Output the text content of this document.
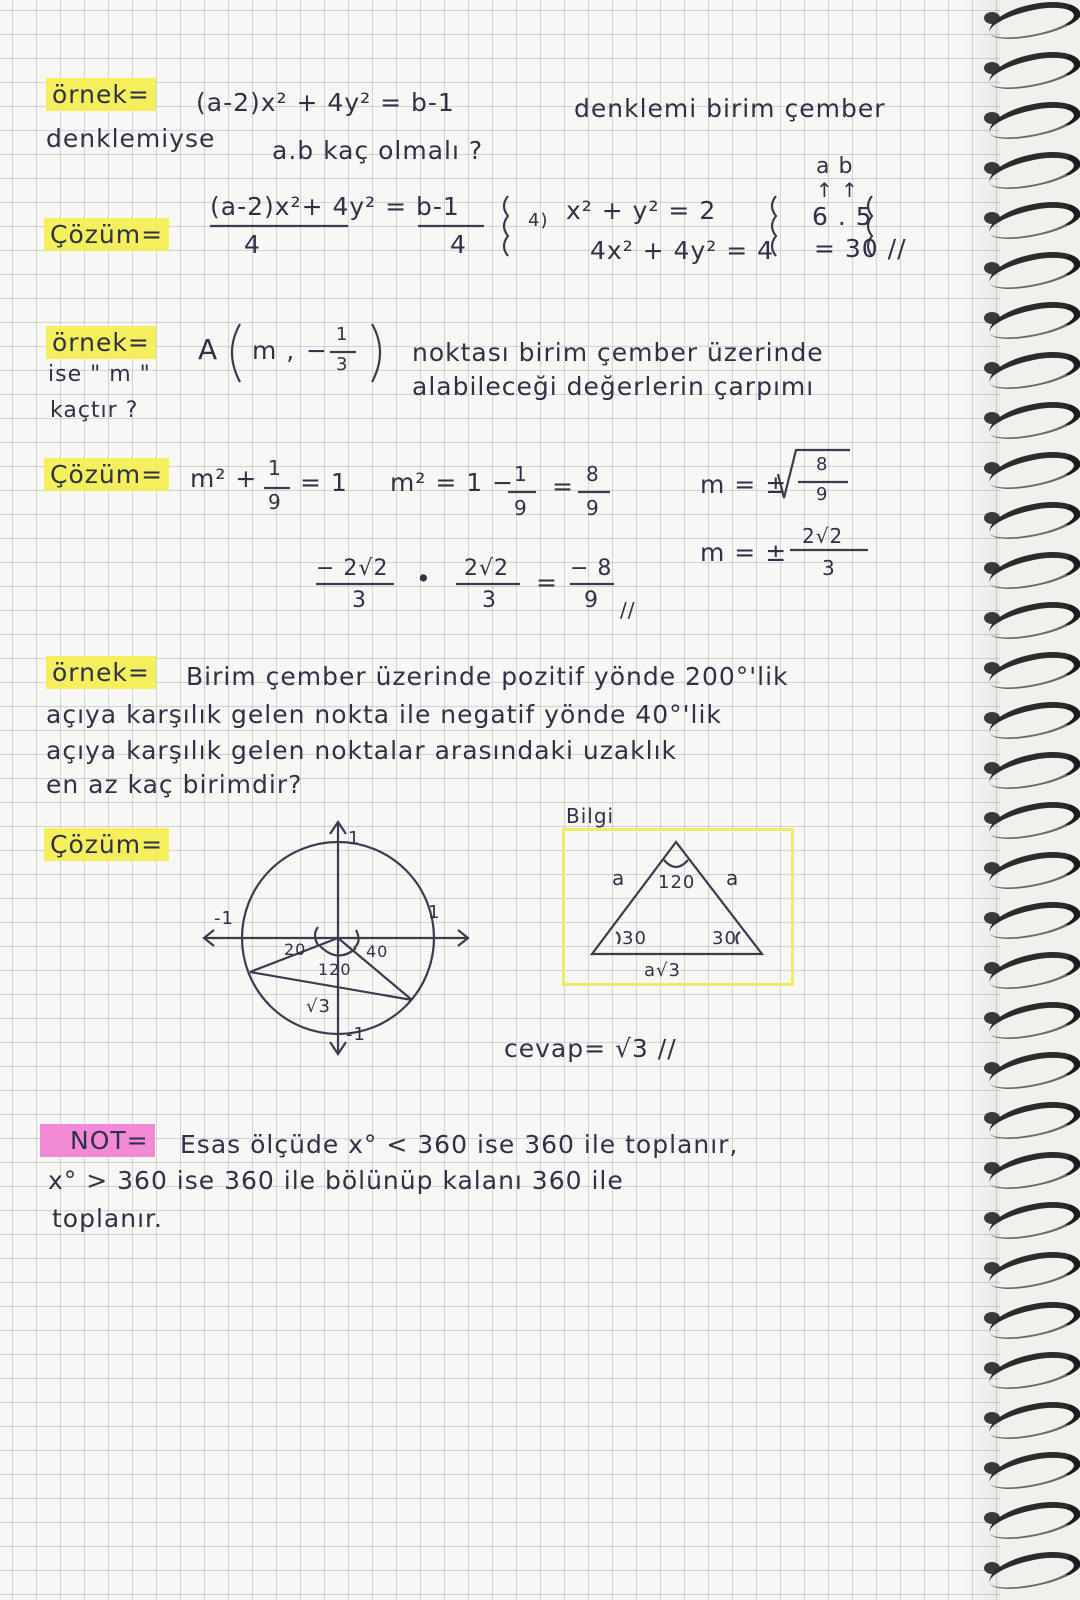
örnek= (a-2)x² + 4y² = b-1	denklemi birim çember
denklemiyse a.b kaç olmalı ?
Çözüm=
(a-2)x²+ 4y² = b-1
4	4
4) x² + y² = 2
4x² + 4y² = 4
a b
↑ ↑
6 . 5
= 30 //
örnek= A m , −
1
3	noktası birim çember üzerinde
ise " m "	alabileceği değerlerin çarpımı
kaçtır ?
Çözüm= m² + 1
9
= 1 m² = 1 − 1
9
= 8
9
m = ±
8
9
m = ±
2√2
3
− 2√2
3
• 2√2
3
= − 8
9 //
örnek= Birim çember üzerinde pozitif yönde 200°'lik
açıya karşılık gelen nokta ile negatif yönde 40°'lik
açıya karşılık gelen noktalar arasındaki uzaklık
en az kaç birimdir?
Çözüm=	1
-1
-1	1
20	40
120
√3
Bilgi
a	a
120
30	30
a√3
cevap= √3 //
NOT= Esas ölçüde x° < 360 ise 360 ile toplanır,
x° > 360 ise 360 ile bölünüp kalanı 360 ile
toplanır.
